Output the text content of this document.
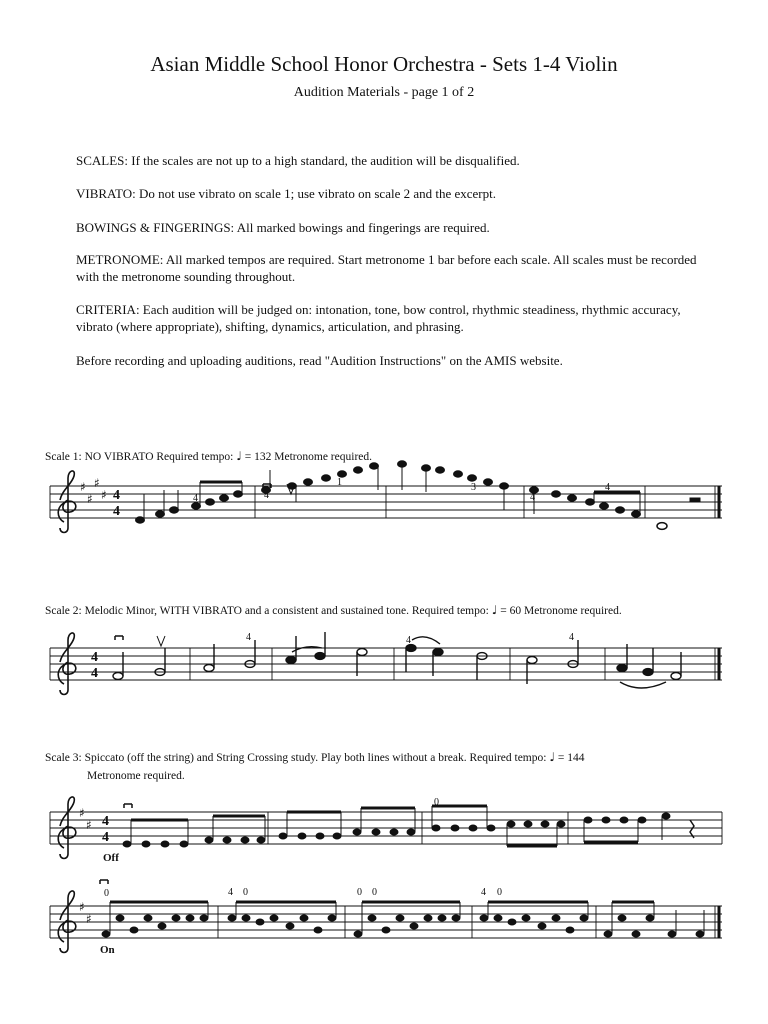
Asian Middle School Honor Orchestra - Sets 1-4 Violin
Audition Materials - page 1 of 2

SCALES: If the scales are not up to a high standard, the audition will be disqualified.

VIBRATO: Do not use vibrato on scale 1; use vibrato on scale 2 and the excerpt.

BOWINGS & FINGERINGS: All marked bowings and fingerings are required.

METRONOME: All marked tempos are required. Start metronome 1 bar before each scale. All scales must be recorded with the metronome sounding throughout.

CRITERIA: Each audition will be judged on: intonation, tone, bow control, rhythmic steadiness, rhythmic accuracy, vibrato (where appropriate), shifting, dynamics, articulation, and phrasing.

Before recording and uploading auditions, read "Audition Instructions" on the AMIS website.

Scale 1: NO VIBRATO Required tempo: ♩ = 132 Metronome required.
Scale 2: Melodic Minor, WITH VIBRATO and a consistent and sustained tone. Required tempo: ♩ = 60 Metronome required.
Scale 3: Spiccato (off the string) and String Crossing study. Play both lines without a break. Required tempo: ♩ = 144
Metronome required.
Off
On
♯
♯
♯
♯ 4
4
4	4
1	3
4
4
4
4
4	4	4
♯
♯ 4
4
0
♯
♯
0	4 0	0 0	4 0
